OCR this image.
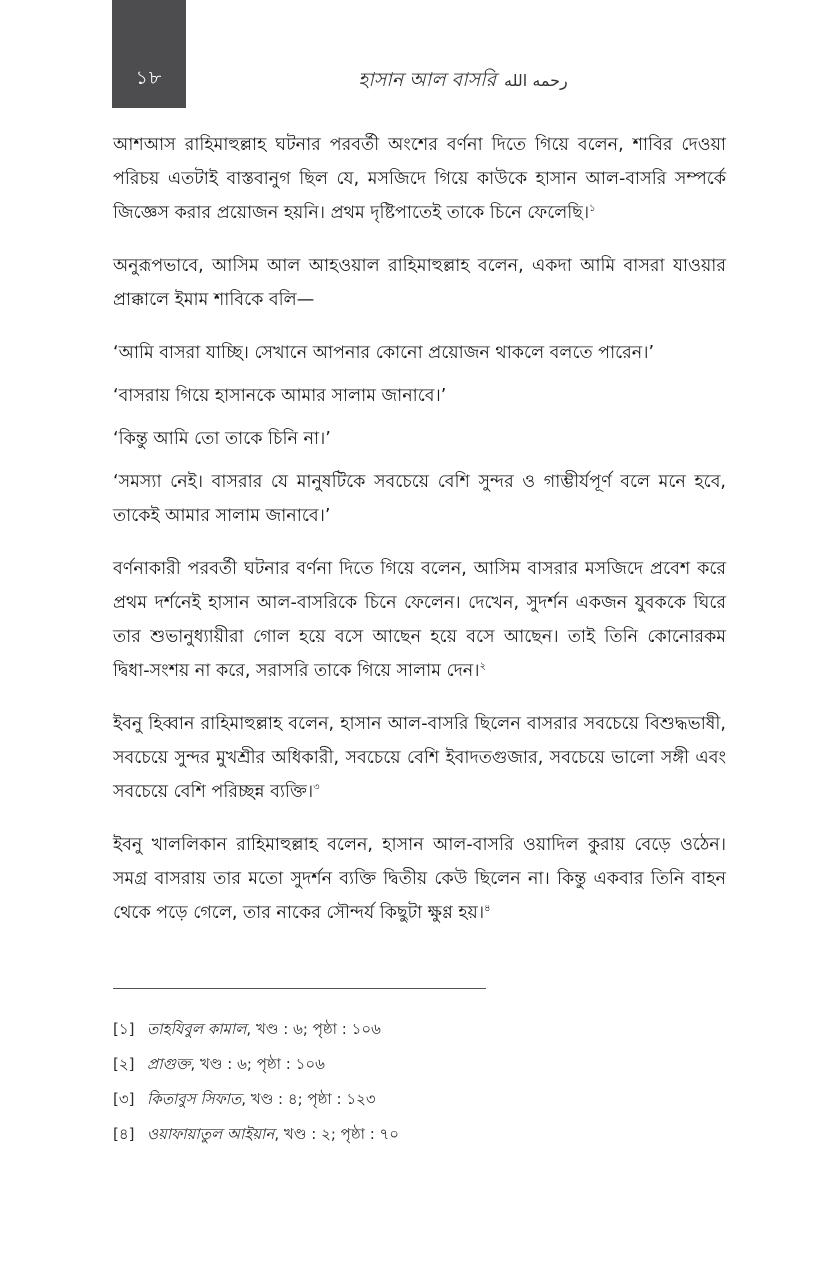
১৮	হাসান আল বাসরি رحمه الله

আশআস রাহিমাহুল্লাহ ঘটনার পরবর্তী অংশের বর্ণনা দিতে গিয়ে বলেন, শাবির দেওয়া পরিচয় এতটাই বাস্তবানুগ ছিল যে, মসজিদে গিয়ে কাউকে হাসান আল-বাসরি সম্পর্কে জিজ্ঞেস করার প্রয়োজন হয়নি। প্রথম দৃষ্টিপাতেই তাকে চিনে ফেলেছি।$^১$

অনুরূপভাবে, আসিম আল আহওয়াল রাহিমাহুল্লাহ বলেন, একদা আমি বাসরা যাওয়ার প্রাক্কালে ইমাম শাবিকে বলি—

‘আমি বাসরা যাচ্ছি। সেখানে আপনার কোনো প্রয়োজন থাকলে বলতে পারেন।’

‘বাসরায় গিয়ে হাসানকে আমার সালাম জানাবে।’

‘কিন্তু আমি তো তাকে চিনি না।’

‘সমস্যা নেই। বাসরার যে মানুষটিকে সবচেয়ে বেশি সুন্দর ও গাম্ভীর্যপূর্ণ বলে মনে হবে, তাকেই আমার সালাম জানাবে।’

বর্ণনাকারী পরবর্তী ঘটনার বর্ণনা দিতে গিয়ে বলেন, আসিম বাসরার মসজিদে প্রবেশ করে প্রথম দর্শনেই হাসান আল-বাসরিকে চিনে ফেলেন। দেখেন, সুদর্শন একজন যুবককে ঘিরে তার শুভানুধ্যায়ীরা গোল হয়ে বসে আছেন হয়ে বসে আছেন। তাই তিনি কোনোরকম দ্বিধা-সংশয় না করে, সরাসরি তাকে গিয়ে সালাম দেন।$^২$

ইবনু হিব্বান রাহিমাহুল্লাহ বলেন, হাসান আল-বাসরি ছিলেন বাসরার সবচেয়ে বিশুদ্ধভাষী, সবচেয়ে সুন্দর মুখশ্রীর অধিকারী, সবচেয়ে বেশি ইবাদতগুজার, সবচেয়ে ভালো সঙ্গী এবং সবচেয়ে বেশি পরিচ্ছন্ন ব্যক্তি।$^৩$

ইবনু খাললিকান রাহিমাহুল্লাহ বলেন, হাসান আল-বাসরি ওয়াদিল কুরায় বেড়ে ওঠেন। সমগ্র বাসরায় তার মতো সুদর্শন ব্যক্তি দ্বিতীয় কেউ ছিলেন না। কিন্তু একবার তিনি বাহন থেকে পড়ে গেলে, তার নাকের সৌন্দর্য কিছুটা ক্ষুণ্ণ হয়।$^৪$

[১] তাহযিবুল কামাল, খণ্ড : ৬; পৃষ্ঠা : ১০৬
[২] প্রাগুক্ত, খণ্ড : ৬; পৃষ্ঠা : ১০৬
[৩] কিতাবুস সিফাত, খণ্ড : ৪; পৃষ্ঠা : ১২৩
[৪] ওয়াফায়াতুল আইয়ান, খণ্ড : ২; পৃষ্ঠা : ৭০
